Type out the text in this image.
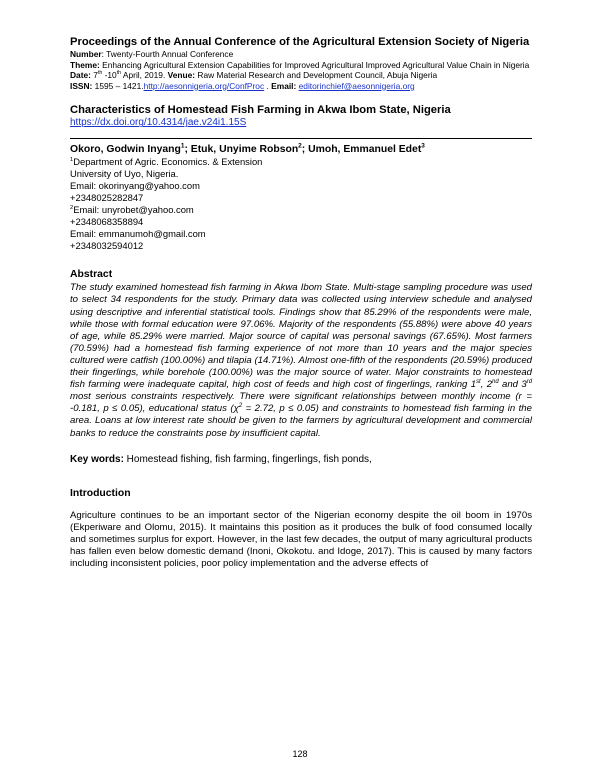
Proceedings of the Annual Conference of the Agricultural Extension Society of Nigeria

Number: Twenty-Fourth Annual Conference

Theme: Enhancing Agricultural Extension Capabilities for Improved Agricultural Improved Agricultural Value Chain in Nigeria

Date: 7th -10th April, 2019. Venue: Raw Material Research and Development Council, Abuja Nigeria

ISSN: 1595 – 1421.http://aesonnigeria.org/ConfProc . Email: editorinchief@aesonnigeria.org

Characteristics of Homestead Fish Farming in Akwa Ibom State, Nigeria

https://dx.doi.org/10.4314/jae.v24i1.15S

Okoro, Godwin Inyang$^1$; Etuk, Unyime Robson$^2$; Umoh, Emmanuel Edet$^3$

$^1$Department of Agric. Economics. & Extension

University of Uyo, Nigeria.

Email: okorinyang@yahoo.com

+2348025282847

$^2$Email: unyrobet@yahoo.com

+2348068358894

Email: emmanumoh@gmail.com

+2348032594012

Abstract

The study examined homestead fish farming in Akwa Ibom State. Multi-stage sampling procedure was used to select 34 respondents for the study. Primary data was collected using interview schedule and analysed using descriptive and inferential statistical tools. Findings show that 85.29% of the respondents were male, while those with formal education were 97.06%. Majority of the respondents (55.88%) were above 40 years of age, while 85.29% were married. Major source of capital was personal savings (67.65%). Most farmers (70.59%) had a homestead fish farming experience of not more than 10 years and the major species cultured were catfish (100.00%) and tilapia (14.71%). Almost one-fifth of the respondents (20.59%) produced their fingerlings, while borehole (100.00%) was the major source of water. Major constraints to homestead fish farming were inadequate capital, high cost of feeds and high cost of fingerlings, ranking 1st, 2nd and 3rd most serious constraints respectively. There were significant relationships between monthly income (r = -0.181, p ≤ 0.05), educational status ($\chi^2 = 2.72$, p ≤ 0.05) and constraints to homestead fish farming in the area. Loans at low interest rate should be given to the farmers by agricultural development and commercial banks to reduce the constraints pose by insufficient capital.

Key words: Homestead fishing, fish farming, fingerlings, fish ponds,

Introduction

Agriculture continues to be an important sector of the Nigerian economy despite the oil boom in 1970s (Ekperiware and Olomu, 2015). It maintains this position as it produces the bulk of food consumed locally and sometimes surplus for export. However, in the last few decades, the output of many agricultural products has fallen even below domestic demand (Inoni, Okokotu. and Idoge, 2017). This is caused by many factors including inconsistent policies, poor policy implementation and the adverse effects of

128
